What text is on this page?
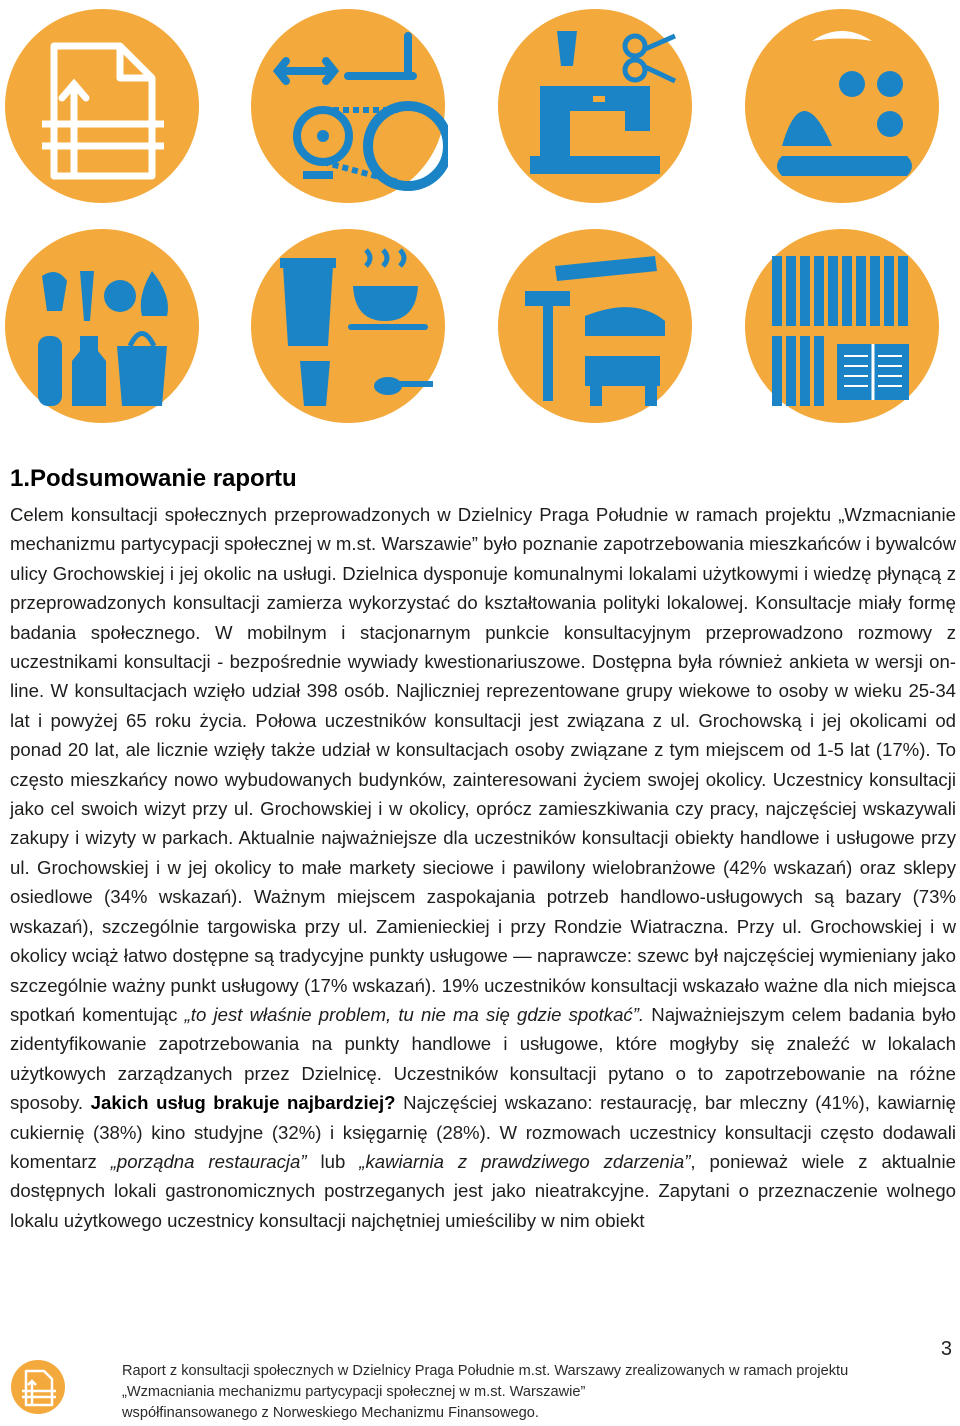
1.Podsumowanie raportu

Celem konsultacji społecznych przeprowadzonych w Dzielnicy Praga Południe w ramach projektu „Wzmacnianie mechanizmu partycypacji społecznej w m.st. Warszawie” było poznanie zapotrzebowania mieszkańców i bywalców ulicy Grochowskiej i jej okolic na usługi. Dzielnica dysponuje komunalnymi lokalami użytkowymi i wiedzę płynącą z przeprowadzonych konsultacji zamierza wykorzystać do kształtowania polityki lokalowej. Konsultacje miały formę badania społecznego. W mobilnym i stacjonarnym punkcie konsultacyjnym przeprowadzono rozmowy z uczestnikami konsultacji - bezpośrednie wywiady kwestionariuszowe. Dostępna była również ankieta w wersji on-line. W konsultacjach wzięło udział 398 osób. Najliczniej reprezentowane grupy wiekowe to osoby w wieku 25-34 lat i powyżej 65 roku życia. Połowa uczestników konsultacji jest związana z ul. Grochowską i jej okolicami od ponad 20 lat, ale licznie wzięły także udział w konsultacjach osoby związane z tym miejscem od 1-5 lat (17%). To często mieszkańcy nowo wybudowanych budynków, zainteresowani życiem swojej okolicy. Uczestnicy konsultacji jako cel swoich wizyt przy ul. Grochowskiej i w okolicy, oprócz zamieszkiwania czy pracy, najczęściej wskazywali zakupy i wizyty w parkach. Aktualnie najważniejsze dla uczestników konsultacji obiekty handlowe i usługowe przy ul. Grochowskiej i w jej okolicy to małe markety sieciowe i pawilony wielobranżowe (42% wskazań) oraz sklepy osiedlowe (34% wskazań). Ważnym miejscem zaspokajania potrzeb handlowo-usługowych są bazary (73% wskazań), szczególnie targowiska przy ul. Zamienieckiej i przy Rondzie Wiatraczna. Przy ul. Grochowskiej i w okolicy wciąż łatwo dostępne są tradycyjne punkty usługowe — naprawcze: szewc był najczęściej wymieniany jako szczególnie ważny punkt usługowy (17% wskazań). 19% uczestników konsultacji wskazało ważne dla nich miejsca spotkań komentując „to jest właśnie problem, tu nie ma się gdzie spotkać”. Najważniejszym celem badania było zidentyfikowanie zapotrzebowania na punkty handlowe i usługowe, które mogłyby się znaleźć w lokalach użytkowych zarządzanych przez Dzielnicę. Uczestników konsultacji pytano o to zapotrzebowanie na różne sposoby. Jakich usług brakuje najbardziej? Najczęściej wskazano: restaurację, bar mleczny (41%), kawiarnię cukiernię (38%) kino studyjne (32%) i księgarnię (28%). W rozmowach uczestnicy konsultacji często dodawali komentarz „porządna restauracja” lub „kawiarnia z prawdziwego zdarzenia”, ponieważ wiele z aktualnie dostępnych lokali gastronomicznych postrzeganych jest jako nieatrakcyjne. Zapytani o przeznaczenie wolnego lokalu użytkowego uczestnicy konsultacji najchętniej umieściliby w nim obiekt

3
Raport z konsultacji społecznych w Dzielnicy Praga Południe m.st. Warszawy zrealizowanych w ramach projektu
„Wzmacniania mechanizmu partycypacji społecznej w m.st. Warszawie”
współfinansowanego z Norweskiego Mechanizmu Finansowego.
